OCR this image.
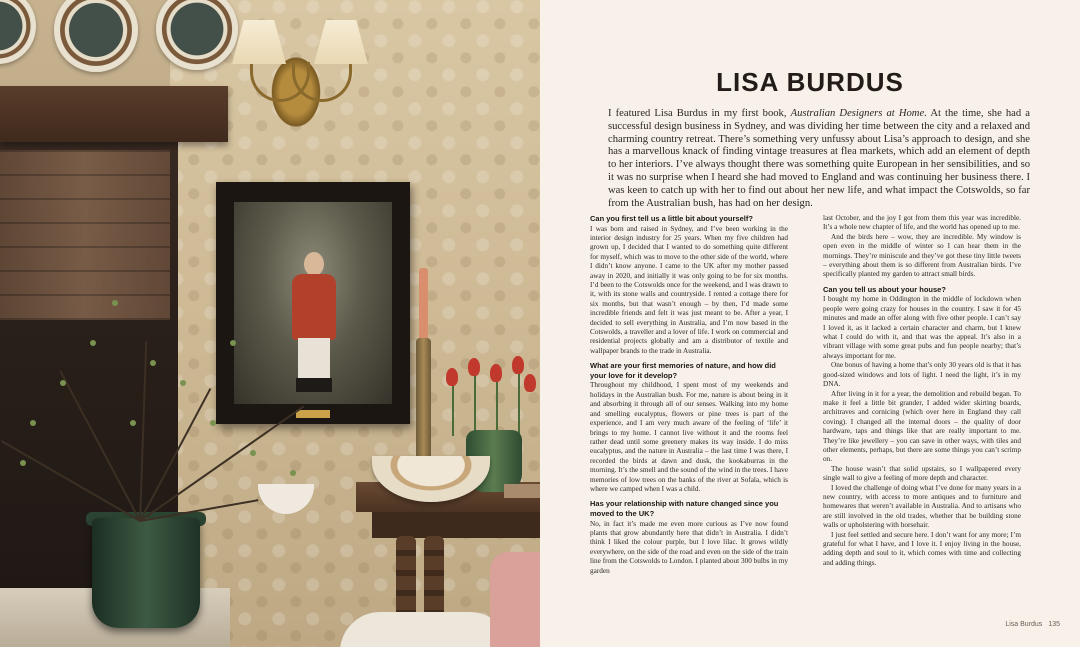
LISA BURDUS

I featured Lisa Burdus in my first book, Australian Designers at Home. At the time, she had a successful design business in Sydney, and was dividing her time between the city and a relaxed and charming country retreat. There’s something very unfussy about Lisa’s approach to design, and she has a marvellous knack of finding vintage treasures at flea markets, which add an element of depth to her interiors. I’ve always thought there was something quite European in her sensibilities, and so it was no surprise when I heard she had moved to England and was continuing her business there. I was keen to catch up with her to find out about her new life, and what impact the Cotswolds, so far from the Australian bush, has had on her design.

Can you first tell us a little bit about yourself?

I was born and raised in Sydney, and I’ve been working in the interior design industry for 25 years. When my five children had grown up, I decided that I wanted to do something quite different for myself, which was to move to the other side of the world, where I didn’t know anyone. I came to the UK after my mother passed away in 2020, and initially it was only going to be for six months. I’d been to the Cotswolds once for the weekend, and I was drawn to it, with its stone walls and countryside. I rented a cottage there for six months, but that wasn’t enough – by then, I’d made some incredible friends and felt it was just meant to be. After a year, I decided to sell everything in Australia, and I’m now based in the Cotswolds, a traveller and a lover of life. I work on commercial and residential projects globally and am a distributor of textile and wallpaper brands to the trade in Australia.

What are your first memories of nature, and how did your love for it develop?

Throughout my childhood, I spent most of my weekends and holidays in the Australian bush. For me, nature is about being in it and absorbing it through all of our senses. Walking into my home and smelling eucalyptus, flowers or pine trees is part of the experience, and I am very much aware of the feeling of ‘life’ it brings to my home. I cannot live without it and the rooms feel rather dead until some greenery makes its way inside. I do miss eucalyptus, and the nature in Australia – the last time I was there, I recorded the birds at dawn and dusk, the kookaburras in the morning. It’s the smell and the sound of the wind in the trees. I have memories of low trees on the banks of the river at Sofala, which is where we camped when I was a child.

Has your relationship with nature changed since you moved to the UK?

No, in fact it’s made me even more curious as I’ve now found plants that grow abundantly here that didn’t in Australia. I didn’t think I liked the colour purple, but I love lilac. It grows wildly everywhere, on the side of the road and even on the side of the train line from the Cotswolds to London. I planted about 300 bulbs in my garden

last October, and the joy I got from them this year was incredible. It’s a whole new chapter of life, and the world has opened up to me.

And the birds here – wow, they are incredible. My window is open even in the middle of winter so I can hear them in the mornings. They’re miniscule and they’ve got these tiny little tweets – everything about them is so different from Australian birds. I’ve specifically planted my garden to attract small birds.

Can you tell us about your house?

I bought my home in Oddington in the middle of lockdown when people were going crazy for houses in the country. I saw it for 45 minutes and made an offer along with five other people. I can’t say I loved it, as it lacked a certain character and charm, but I knew what I could do with it, and that was the appeal. It’s also in a vibrant village with some great pubs and fun people nearby; that’s always important for me.

One bonus of having a home that’s only 30 years old is that it has good-sized windows and lots of light. I need the light, it’s in my DNA.

After living in it for a year, the demolition and rebuild began. To make it feel a little bit grander, I added wider skirting boards, architraves and cornicing (which over here in England they call coving). I changed all the internal doors – the quality of door hardware, taps and things like that are really important to me. They’re like jewellery – you can save in other ways, with tiles and other elements, perhaps, but there are some things you can’t scrimp on.

The house wasn’t that solid upstairs, so I wallpapered every single wall to give a feeling of more depth and character.

I loved the challenge of doing what I’ve done for many years in a new country, with access to more antiques and to furniture and homewares that weren’t available in Australia. And to artisans who are still involved in the old trades, whether that be building stone walls or upholstering with horsehair.

I just feel settled and secure here. I don’t want for any more; I’m grateful for what I have, and I love it. I enjoy living in the house, adding depth and soul to it, which comes with time and collecting and adding things.

Lisa Burdus 135
